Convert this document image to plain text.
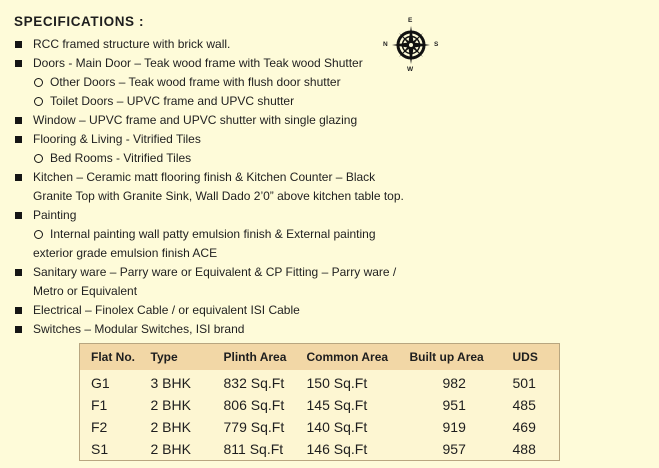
SPECIFICATIONS :	E
N	S
W
RCC framed structure with brick wall.
Doors - Main Door – Teak wood frame with Teak wood Shutter
Other Doors – Teak wood frame with flush door shutter
Toilet Doors – UPVC frame and UPVC shutter
Window – UPVC frame and UPVC shutter with single glazing
Flooring & Living - Vitrified Tiles
Bed Rooms - Vitrified Tiles
Kitchen – Ceramic matt flooring finish & Kitchen Counter – Black
Granite Top with Granite Sink, Wall Dado 2’0” above kitchen table top.
Painting
Internal painting wall patty emulsion finish & External painting
exterior grade emulsion finish ACE
Sanitary ware – Parry ware or Equivalent & CP Fitting – Parry ware /
Metro or Equivalent
Electrical – Finolex Cable / or equivalent ISI Cable
Switches – Modular Switches, ISI brand
Flat No.	Type	Plinth Area	Common Area	Built up Area	UDS
G1	3 BHK	832 Sq.Ft	150 Sq.Ft	982	501
F1	2 BHK	806 Sq.Ft	145 Sq.Ft	951	485
F2	2 BHK	779 Sq.Ft	140 Sq.Ft	919	469
S1	2 BHK	811 Sq.Ft	146 Sq.Ft	957	488
